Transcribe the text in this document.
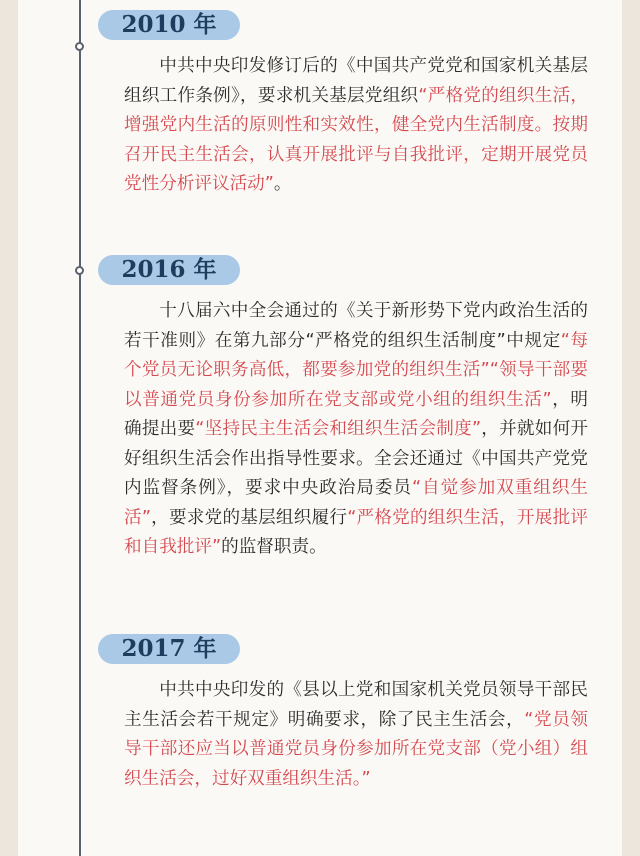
2010 年
中共中央印发修订后的《中国共产党党和国家机关基层组织工作条例》，要求机关基层党组织“严格党的组织生活，增强党内生活的原则性和实效性，健全党内生活制度。按期召开民主生活会，认真开展批评与自我批评，定期开展党员党性分析评议活动”。
2016 年
十八届六中全会通过的《关于新形势下党内政治生活的若干准则》在第九部分“严格党的组织生活制度”中规定“每个党员无论职务高低，都要参加党的组织生活”“领导干部要以普通党员身份参加所在党支部或党小组的组织生活”，明确提出要“坚持民主生活会和组织生活会制度”，并就如何开好组织生活会作出指导性要求。全会还通过《中国共产党党内监督条例》，要求中央政治局委员“自觉参加双重组织生活”，要求党的基层组织履行“严格党的组织生活，开展批评和自我批评”的监督职责。
2017 年
中共中央印发的《县以上党和国家机关党员领导干部民主生活会若干规定》明确要求，除了民主生活会，“党员领导干部还应当以普通党员身份参加所在党支部（党小组）组织生活会，过好双重组织生活。”
